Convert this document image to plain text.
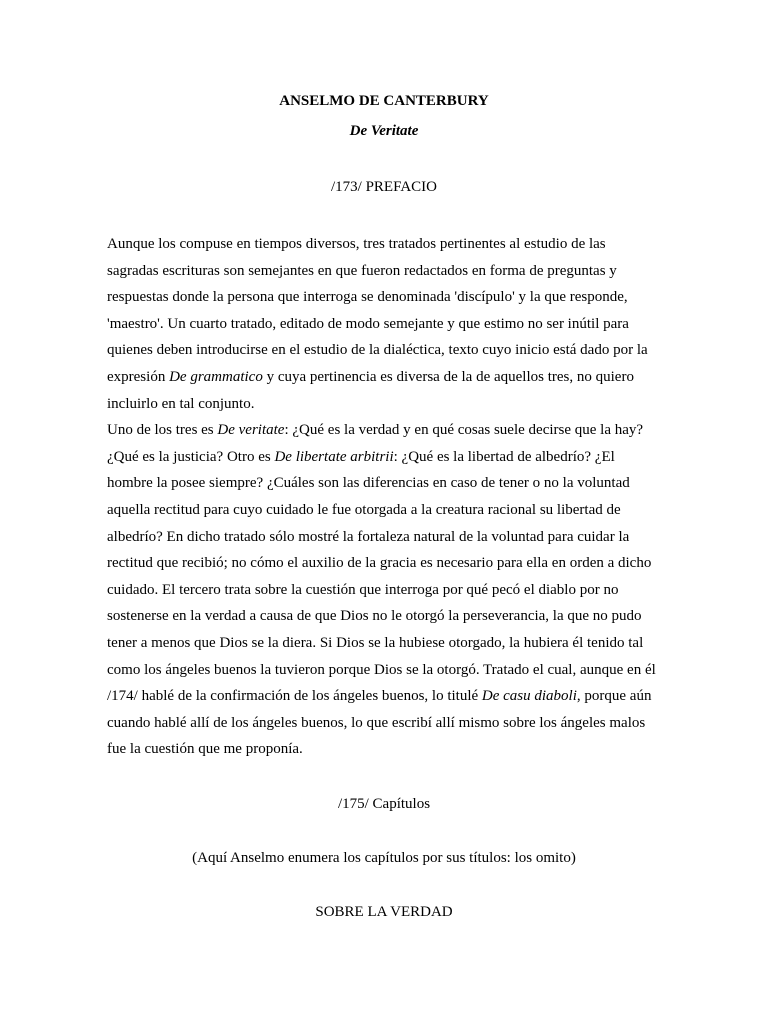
ANSELMO DE CANTERBURY
De Veritate
/173/ PREFACIO

Aunque los compuse en tiempos diversos, tres tratados pertinentes al estudio de las
sagradas escrituras son semejantes en que fueron redactados en forma de preguntas y
respuestas donde la persona que interroga se denominada 'discípulo' y la que responde,
'maestro'. Un cuarto tratado, editado de modo semejante y que estimo no ser inútil para
quienes deben introducirse en el estudio de la dialéctica, texto cuyo inicio está dado por la
expresión De grammatico y cuya pertinencia es diversa de la de aquellos tres, no quiero
incluirlo en tal conjunto.

Uno de los tres es De veritate: ¿Qué es la verdad y en qué cosas suele decirse que la hay?
¿Qué es la justicia? Otro es De libertate arbitrii: ¿Qué es la libertad de albedrío? ¿El
hombre la posee siempre? ¿Cuáles son las diferencias en caso de tener o no la voluntad
aquella rectitud para cuyo cuidado le fue otorgada a la creatura racional su libertad de
albedrío? En dicho tratado sólo mostré la fortaleza natural de la voluntad para cuidar la
rectitud que recibió; no cómo el auxilio de la gracia es necesario para ella en orden a dicho
cuidado. El tercero trata sobre la cuestión que interroga por qué pecó el diablo por no
sostenerse en la verdad a causa de que Dios no le otorgó la perseverancia, la que no pudo
tener a menos que Dios se la diera. Si Dios se la hubiese otorgado, la hubiera él tenido tal
como los ángeles buenos la tuvieron porque Dios se la otorgó. Tratado el cual, aunque en él
/174/ hablé de la confirmación de los ángeles buenos, lo titulé De casu diaboli, porque aún
cuando hablé allí de los ángeles buenos, lo que escribí allí mismo sobre los ángeles malos
fue la cuestión que me proponía.

/175/ Capítulos
(Aquí Anselmo enumera los capítulos por sus títulos: los omito)
SOBRE LA VERDAD
